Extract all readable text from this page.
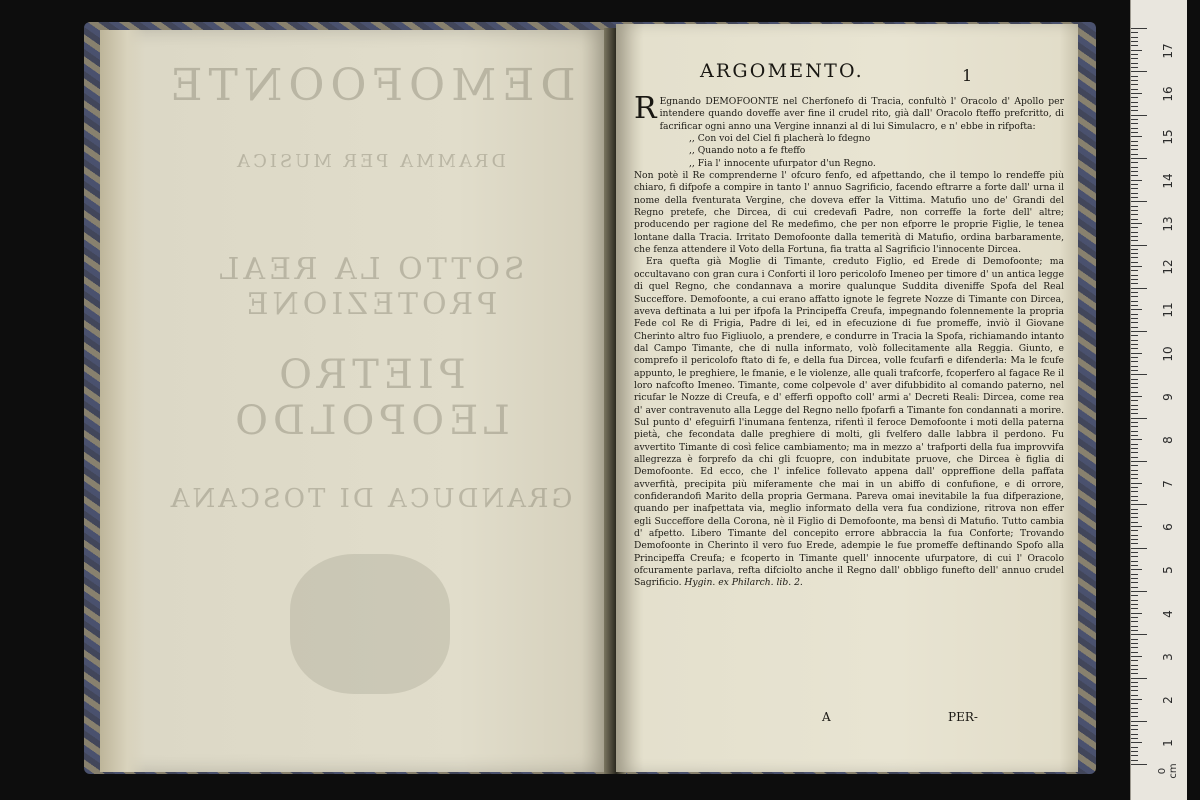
DEMOFOONTE
DRAMMA PER MUSICA
SOTTO LA REAL PROTEZIONE
PIETRO LEOPOLDO
GRANDUCA DI TOSCANA
ARGOMENTO.	1

R Egnando DEMOFOONTE nel Cherfonefo di Tracia, confultò l' Oracolo d' Apollo per intendere quando doveffe aver fine il crudel rito, già dall' Oracolo fteffo prefcritto, di facrificar ogni anno una Vergine innanzi al di lui Simulacro, e n' ebbe in rifpofta:

,, Con voi del Ciel fi placherà lo fdegno
,, Quando noto a fe fteffo
,, Fia l' innocente ufurpator d'un Regno.

Non potè il Re comprenderne l' ofcuro fenfo, ed afpettando, che il tempo lo rendeffe più chiaro, fi difpofe a compire in tanto l' annuo Sagrificio, facendo eftrarre a forte dall' urna il nome della fventurata Vergine, che doveva effer la Vittima. Matufio uno de' Grandi del Regno pretefe, che Dircea, di cui credevafi Padre, non correffe la forte dell' altre; producendo per ragione del Re medefimo, che per non efporre le proprie Figlie, le tenea lontane dalla Tracia. Irritato Demofoonte dalla temerità di Matufio, ordina barbaramente, che fenza attendere il Voto della Fortuna, fia tratta al Sagrificio l'innocente Dircea.

Era quefta già Moglie di Timante, creduto Figlio, ed Erede di Demofoonte; ma occultavano con gran cura i Conforti il loro pericolofo Imeneo per timore d' un antica legge di quel Regno, che condannava a morire qualunque Suddita diveniffe Spofa del Real Succeffore. Demofoonte, a cui erano affatto ignote le fegrete Nozze di Timante con Dircea, aveva deftinata a lui per ifpofa la Principeffa Creufa, impegnando folennemente la propria Fede col Re di Frigia, Padre di lei, ed in efecuzione di fue promeffe, inviò il Giovane Cherinto altro fuo Figliuolo, a prendere, e condurre in Tracia la Spofa, richiamando intanto dal Campo Timante, che di nulla informato, volò follecitamente alla Reggia. Giunto, e comprefo il pericolofo ftato di fe, e della fua Dircea, volle fcufarfi e difenderla: Ma le fcufe appunto, le preghiere, le fmanie, e le violenze, alle quali trafcorfe, fcoperfero al fagace Re il loro nafcofto Imeneo. Timante, come colpevole d' aver difubbidito al comando paterno, nel ricufar le Nozze di Creufa, e d' efferfi oppofto coll' armi a' Decreti Reali: Dircea, come rea d' aver contravenuto alla Legge del Regno nello fpofarfi a Timante fon condannati a morire. Sul punto d' efeguirfi l'inumana fentenza, rifentì il feroce Demofoonte i moti della paterna pietà, che fecondata dalle preghiere di molti, gli fvelfero dalle labbra il perdono. Fu avvertito Timante di così felice cambiamento; ma in mezzo a' trafporti della fua improvvifa allegrezza è forprefo da chi gli fcuopre, con indubitate pruove, che Dircea è figlia di Demofoonte. Ed ecco, che l' infelice follevato appena dall' oppreffione della paffata avverfità, precipita più miferamente che mai in un abiffo di confufione, e di orrore, confiderandofi Marito della propria Germana. Pareva omai inevitabile la fua difperazione, quando per inafpettata via, meglio informato della vera fua condizione, ritrova non effer egli Succeffore della Corona, nè il Figlio di Demofoonte, ma bensì di Matufio. Tutto cambia d' afpetto. Libero Timante del concepito errore abbraccia la fua Conforte; Trovando Demofoonte in Cherinto il vero fuo Erede, adempie le fue promeffe deftinando Spofo alla Principeffa Creufa; e fcoperto in Timante quell' innocente ufurpatore, di cui l' Oracolo ofcuramente parlava, refta difciolto anche il Regno dall' obbligo funefto dell' annuo crudel Sagrificio. Hygin. ex Philarch. lib. 2.

A	PER-
17
16
15
14
13
12
11
10
9
8
7
6
5
4
3
2
1
0 cm
